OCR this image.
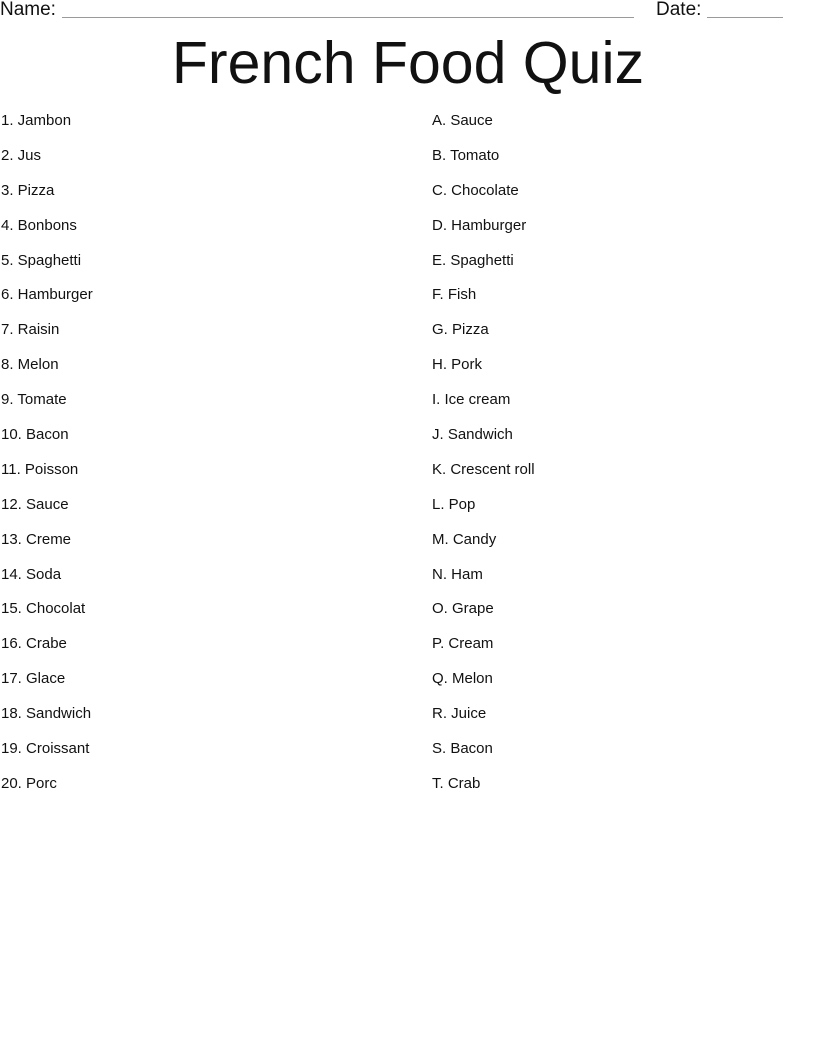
Name:	Date:
French Food Quiz
1. Jambon
2. Jus
3. Pizza
4. Bonbons
5. Spaghetti
6. Hamburger
7. Raisin
8. Melon
9. Tomate
10. Bacon
11. Poisson
12. Sauce
13. Creme
14. Soda
15. Chocolat
16. Crabe
17. Glace
18. Sandwich
19. Croissant
20. Porc
A. Sauce
B. Tomato
C. Chocolate
D. Hamburger
E. Spaghetti
F. Fish
G. Pizza
H. Pork
I. Ice cream
J. Sandwich
K. Crescent roll
L. Pop
M. Candy
N. Ham
O. Grape
P. Cream
Q. Melon
R. Juice
S. Bacon
T. Crab
